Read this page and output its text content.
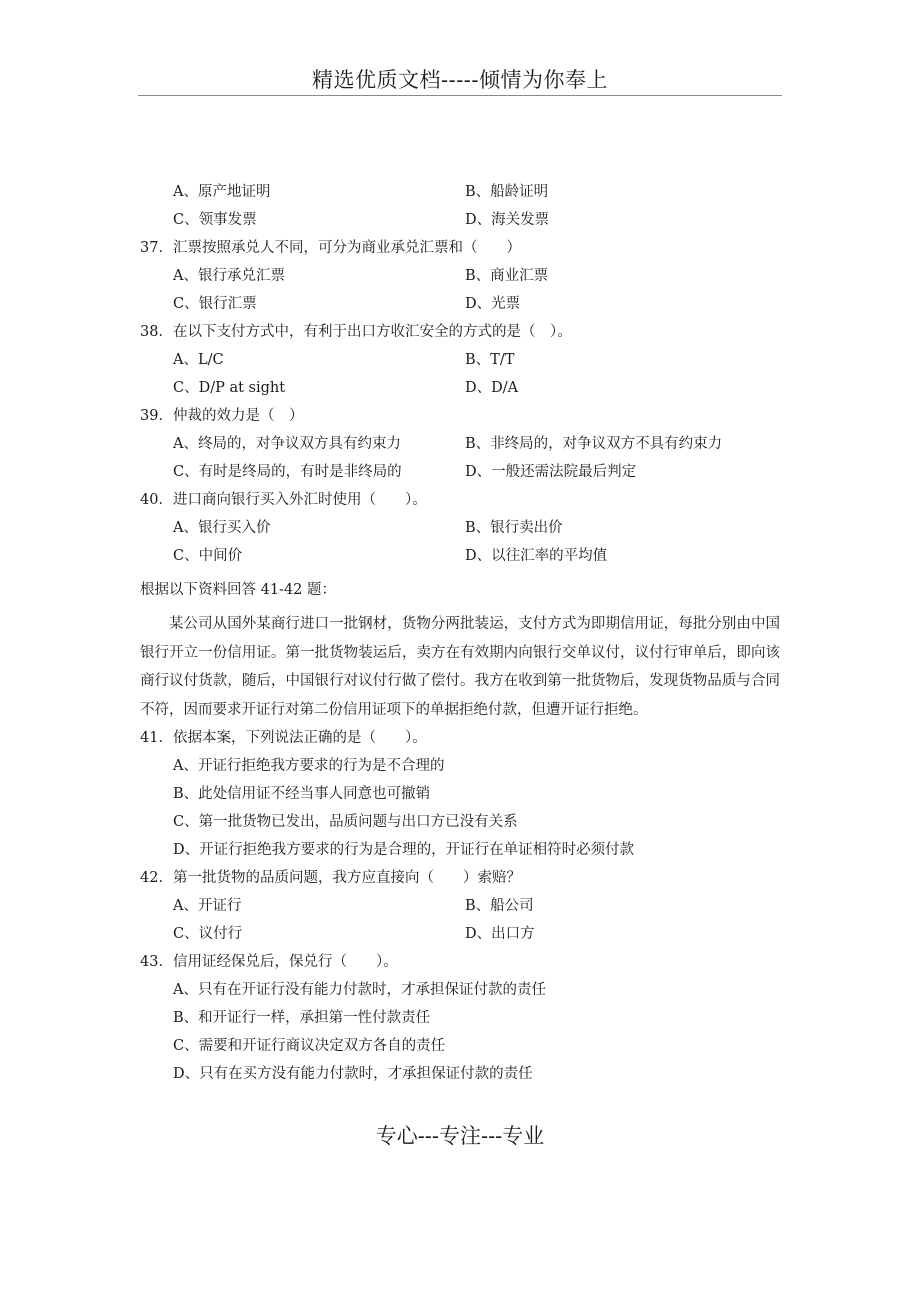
精选优质文档-----倾情为你奉上
A、原产地证明	B、船龄证明
C、领事发票	D、海关发票
37．汇票按照承兑人不同，可分为商业承兑汇票和（　　）
A、银行承兑汇票	B、商业汇票
C、银行汇票	D、光票
38．在以下支付方式中，有利于出口方收汇安全的方式的是（　）。
A、L/C	B、T/T
C、D/P at sight	D、D/A
39．仲裁的效力是（　）
A、终局的，对争议双方具有约束力	B、非终局的，对争议双方不具有约束力
C、有时是终局的，有时是非终局的	D、一般还需法院最后判定
40．进口商向银行买入外汇时使用（　　）。
A、银行买入价	B、银行卖出价
C、中间价	D、以往汇率的平均值
根据以下资料回答 41-42 题：
某公司从国外某商行进口一批钢材，货物分两批装运，支付方式为即期信用证，每批分别由中国银行开立一份信用证。第一批货物装运后，卖方在有效期内向银行交单议付，议付行审单后，即向该商行议付货款，随后，中国银行对议付行做了偿付。我方在收到第一批货物后，发现货物品质与合同不符，因而要求开证行对第二份信用证项下的单据拒绝付款，但遭开证行拒绝。
41．依据本案，下列说法正确的是（　　）。
A、开证行拒绝我方要求的行为是不合理的
B、此处信用证不经当事人同意也可撤销
C、第一批货物已发出，品质问题与出口方已没有关系
D、开证行拒绝我方要求的行为是合理的，开证行在单证相符时必须付款
42．第一批货物的品质问题，我方应直接向（　　）索赔？
A、开证行	B、船公司
C、议付行	D、出口方
43．信用证经保兑后，保兑行（　　）。
A、只有在开证行没有能力付款时，才承担保证付款的责任
B、和开证行一样，承担第一性付款责任
C、需要和开证行商议决定双方各自的责任
D、只有在买方没有能力付款时，才承担保证付款的责任
专心---专注---专业
